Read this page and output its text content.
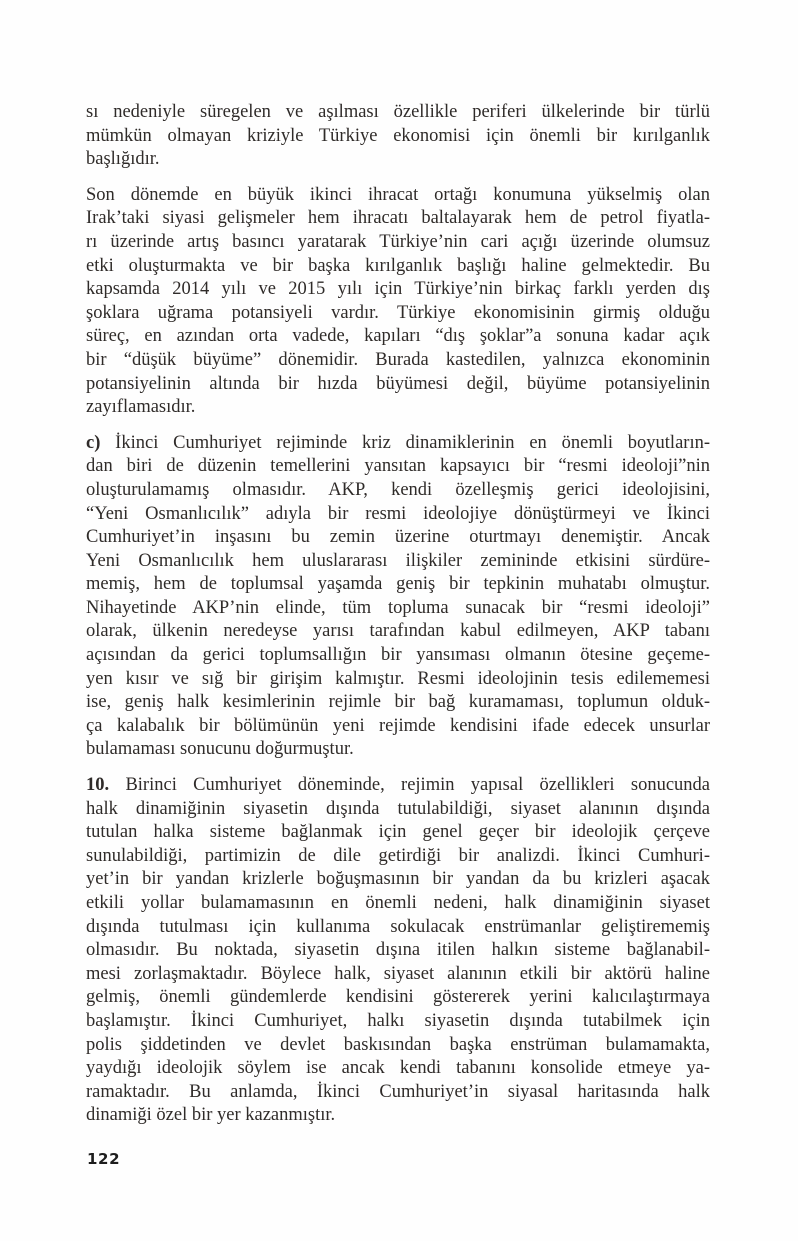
sı nedeniyle süregelen ve aşılması özellikle periferi ülkelerinde bir türlü
mümkün olmayan kriziyle Türkiye ekonomisi için önemli bir kırılganlık
başlığıdır.
Son dönemde en büyük ikinci ihracat ortağı konumuna yükselmiş olan
Irak’taki siyasi gelişmeler hem ihracatı baltalayarak hem de petrol fiyatla-
rı üzerinde artış basıncı yaratarak Türkiye’nin cari açığı üzerinde olumsuz
etki oluşturmakta ve bir başka kırılganlık başlığı haline gelmektedir. Bu
kapsamda 2014 yılı ve 2015 yılı için Türkiye’nin birkaç farklı yerden dış
şoklara uğrama potansiyeli vardır. Türkiye ekonomisinin girmiş olduğu
süreç, en azından orta vadede, kapıları “dış şoklar”a sonuna kadar açık
bir “düşük büyüme” dönemidir. Burada kastedilen, yalnızca ekonominin
potansiyelinin altında bir hızda büyümesi değil, büyüme potansiyelinin
zayıflamasıdır.
c) İkinci Cumhuriyet rejiminde kriz dinamiklerinin en önemli boyutların-
dan biri de düzenin temellerini yansıtan kapsayıcı bir “resmi ideoloji”nin
oluşturulamamış olmasıdır. AKP, kendi özelleşmiş gerici ideolojisini,
“Yeni Osmanlıcılık” adıyla bir resmi ideolojiye dönüştürmeyi ve İkinci
Cumhuriyet’in inşasını bu zemin üzerine oturtmayı denemiştir. Ancak
Yeni Osmanlıcılık hem uluslararası ilişkiler zemininde etkisini sürdüre-
memiş, hem de toplumsal yaşamda geniş bir tepkinin muhatabı olmuştur.
Nihayetinde AKP’nin elinde, tüm topluma sunacak bir “resmi ideoloji”
olarak, ülkenin neredeyse yarısı tarafından kabul edilmeyen, AKP tabanı
açısından da gerici toplumsallığın bir yansıması olmanın ötesine geçeme-
yen kısır ve sığ bir girişim kalmıştır. Resmi ideolojinin tesis edilememesi
ise, geniş halk kesimlerinin rejimle bir bağ kuramaması, toplumun olduk-
ça kalabalık bir bölümünün yeni rejimde kendisini ifade edecek unsurlar
bulamaması sonucunu doğurmuştur.
10. Birinci Cumhuriyet döneminde, rejimin yapısal özellikleri sonucunda
halk dinamiğinin siyasetin dışında tutulabildiği, siyaset alanının dışında
tutulan halka sisteme bağlanmak için genel geçer bir ideolojik çerçeve
sunulabildiği, partimizin de dile getirdiği bir analizdi. İkinci Cumhuri-
yet’in bir yandan krizlerle boğuşmasının bir yandan da bu krizleri aşacak
etkili yollar bulamamasının en önemli nedeni, halk dinamiğinin siyaset
dışında tutulması için kullanıma sokulacak enstrümanlar geliştirememiş
olmasıdır. Bu noktada, siyasetin dışına itilen halkın sisteme bağlanabil-
mesi zorlaşmaktadır. Böylece halk, siyaset alanının etkili bir aktörü haline
gelmiş, önemli gündemlerde kendisini göstererek yerini kalıcılaştırmaya
başlamıştır. İkinci Cumhuriyet, halkı siyasetin dışında tutabilmek için
polis şiddetinden ve devlet baskısından başka enstrüman bulamamakta,
yaydığı ideolojik söylem ise ancak kendi tabanını konsolide etmeye ya-
ramaktadır. Bu anlamda, İkinci Cumhuriyet’in siyasal haritasında halk
dinamiği özel bir yer kazanmıştır.
122
